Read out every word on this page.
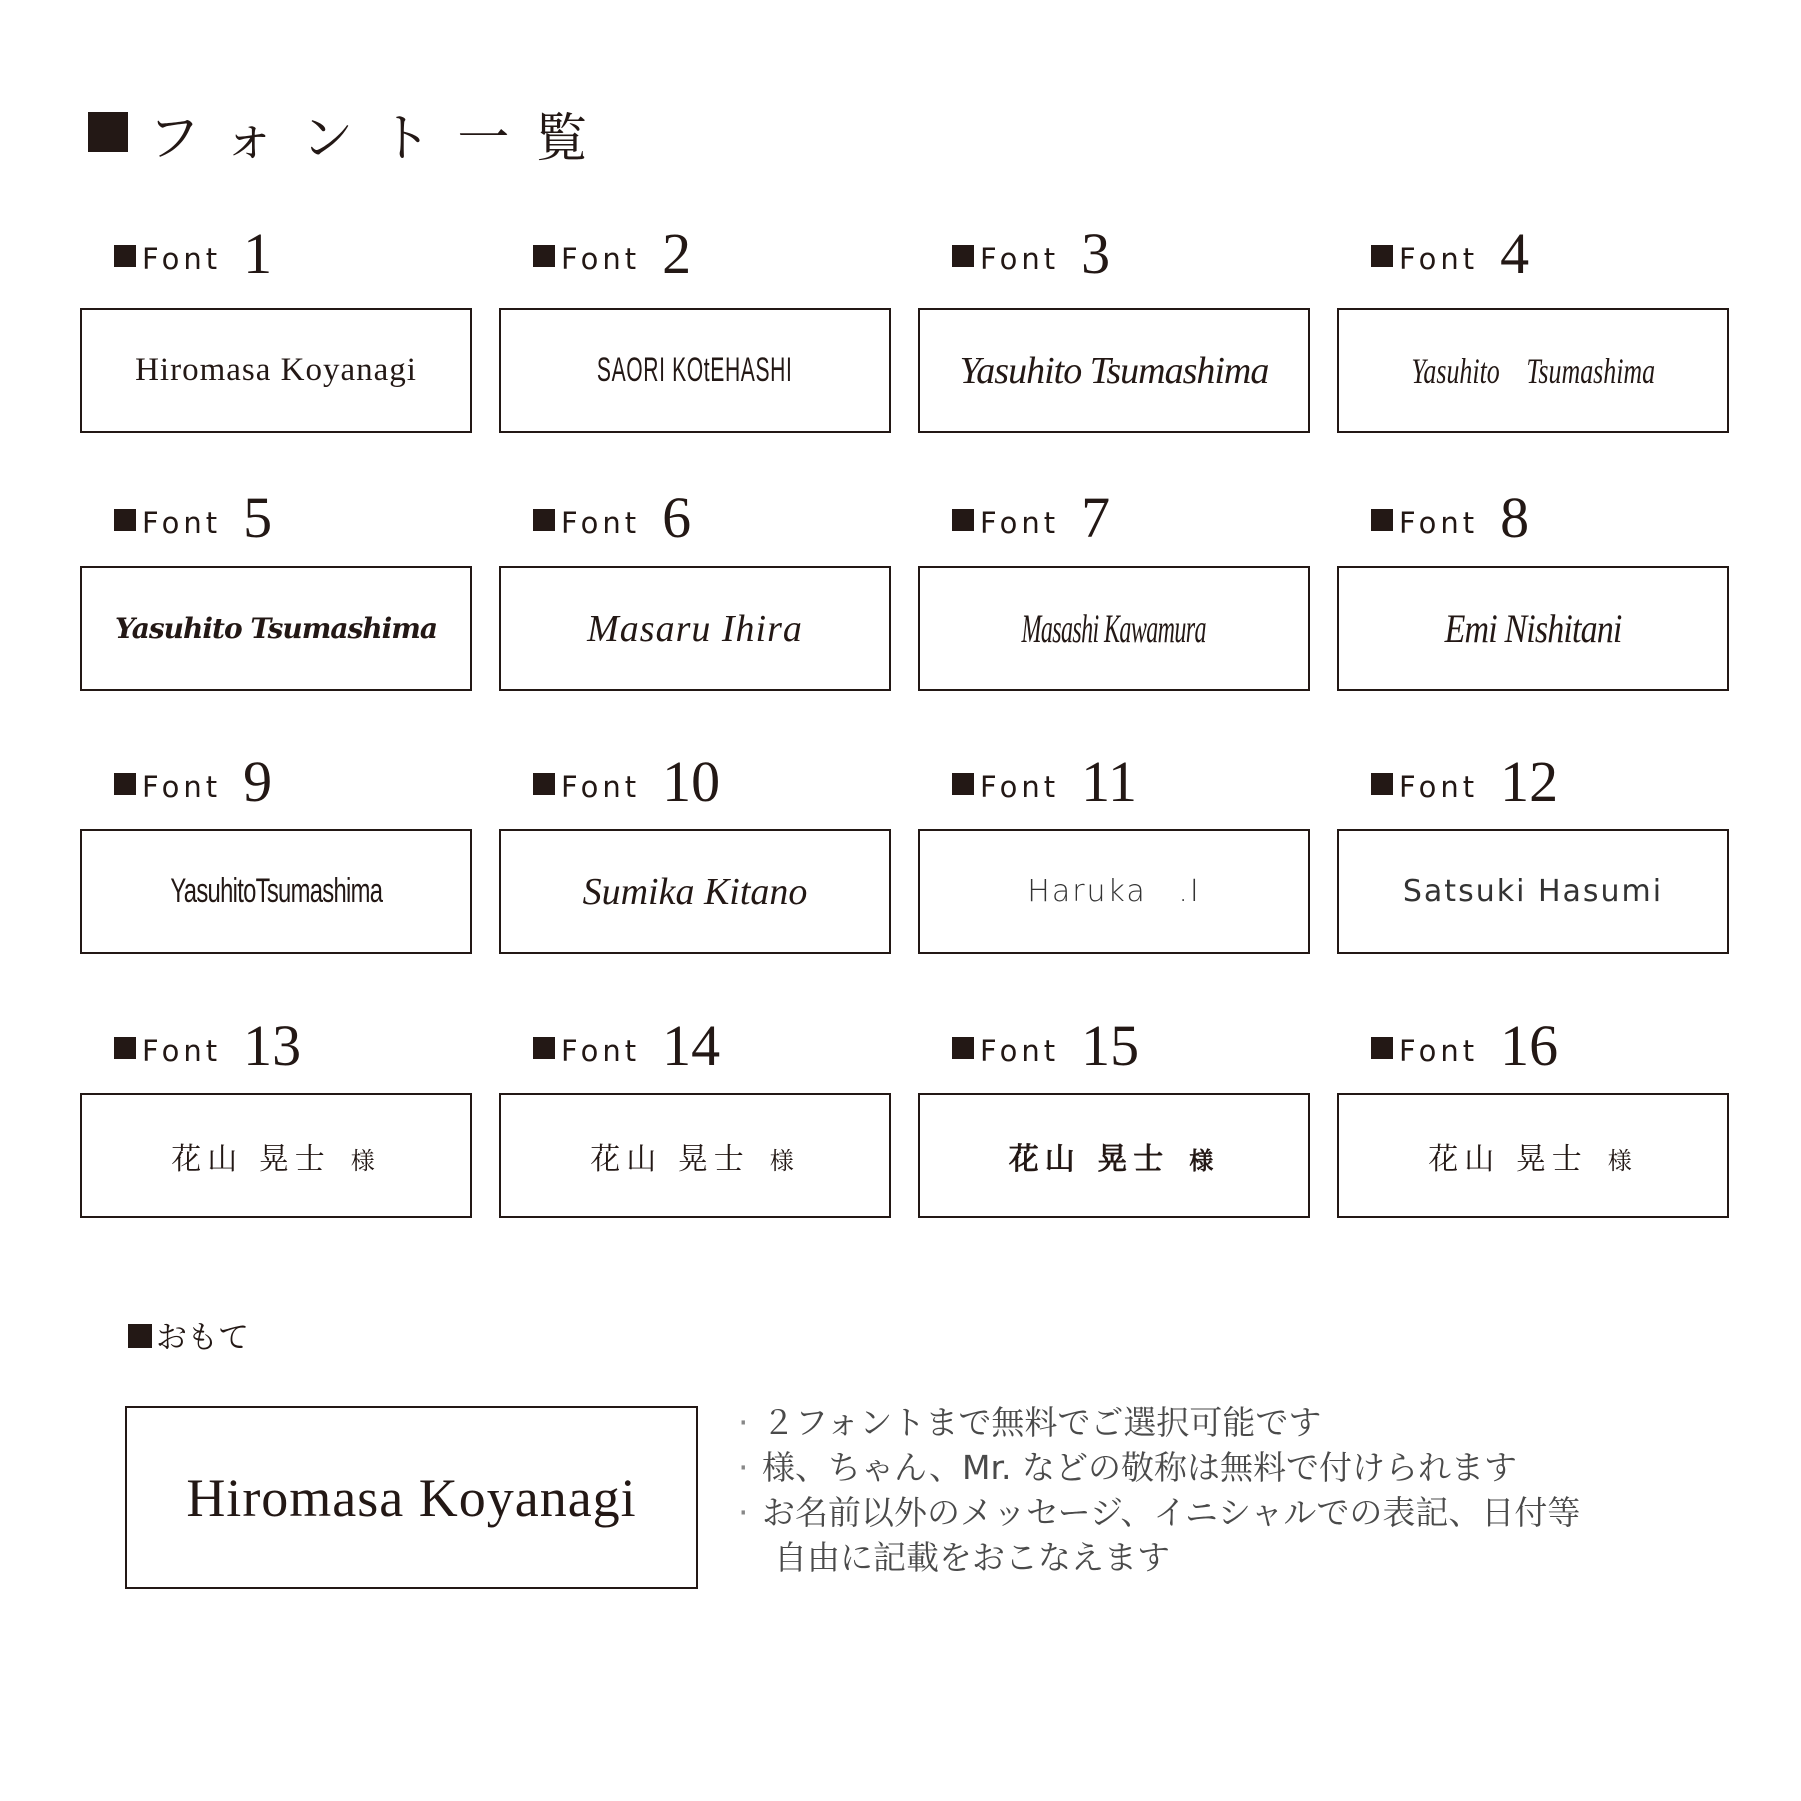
フォント一覧
Font 1
Hiromasa Koyanagi
Font 2
SAORI KOtEHASHI
Font 3
Yasuhito Tsumashima
Font 4
Yasuhito Tsumashima
Font 5
Yasuhito Tsumashima
Font 6
Masaru Ihira
Font 7
Masashi Kawamura
Font 8
Emi Nishitani
Font 9
YasuhitoTsumashima
Font 10
Sumika Kitano
Font 11
Haruka .I
Font 12
Satsuki Hasumi
Font 13
花山 晃士 様
Font 14
花山 晃士 様
Font 15
花山 晃士 様
Font 16
花山 晃士 様
おもて
Hiromasa Koyanagi
· ２フォントまで無料でご選択可能です
· 様、ちゃん、Mr. などの敬称は無料で付けられます
· お名前以外のメッセージ、イニシャルでの表記、日付等
自由に記載をおこなえます
